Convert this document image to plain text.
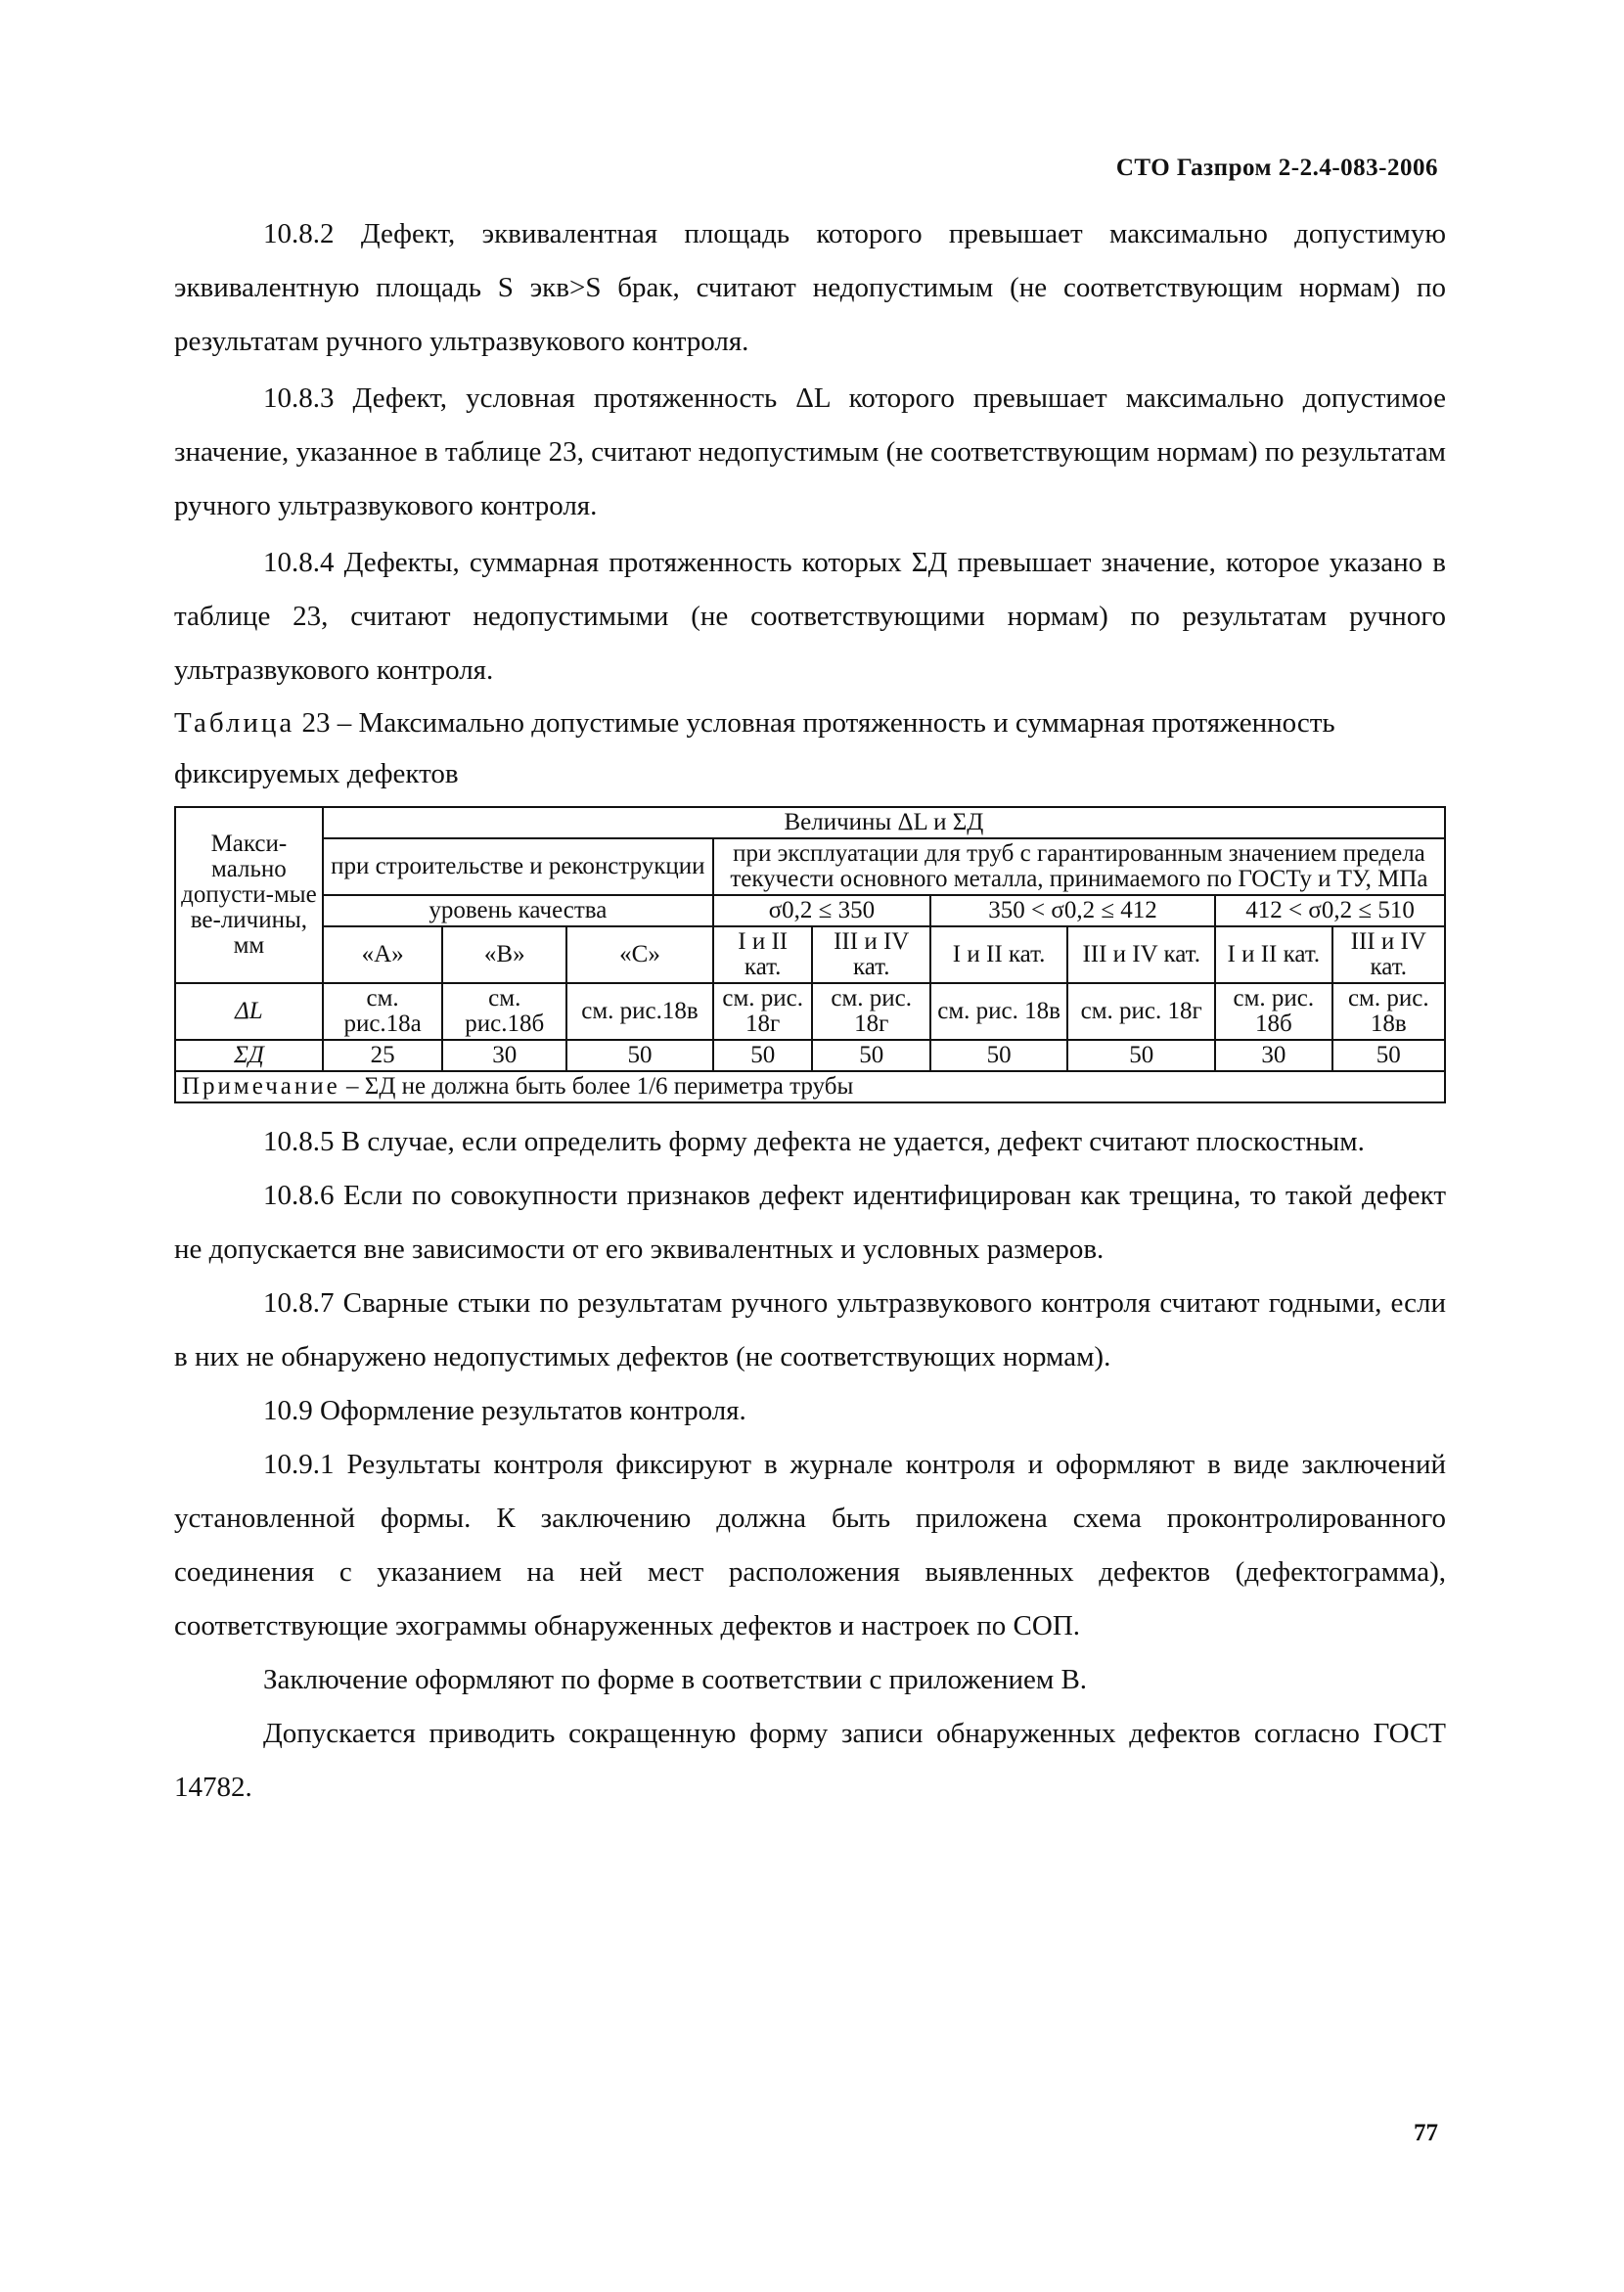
СТО Газпром 2-2.4-083-2006

10.8.2 Дефект, эквивалентная площадь которого превышает максимально допустимую эквивалентную площадь S экв>S брак, считают недопустимым (не соответствующим нормам) по результатам ручного ультразвукового контроля.

10.8.3 Дефект, условная протяженность ΔL которого превышает максимально допустимое значение, указанное в таблице 23, считают недопустимым (не соответствующим нормам) по результатам ручного ультразвукового контроля.

10.8.4 Дефекты, суммарная протяженность которых ΣД превышает значение, которое указано в таблице 23, считают недопустимыми (не соответствующими нормам) по результатам ручного ультразвукового контроля.

Таблица 23 – Максимально допустимые условная протяженность и суммарная протяженность фиксируемых дефектов

Макси-мально допусти-мые ве-личины, мм	Величины ΔL и ΣД								
	при строительстве и реконструкции			при эксплуатации для труб с гарантированным значением предела текучести основного металла, принимаемого по ГОСТу и ТУ, МПа					
	уровень качества			σ0,2 ≤ 350		350 < σ0,2 ≤ 412		412 < σ0,2 ≤ 510	
	«А»	«В»	«С»	I и II кат.	III и IV кат.	I и II кат.	III и IV кат.	I и II кат.	III и IV кат.
ΔL	см. рис.18а	см. рис.18б	см. рис.18в	см. рис. 18г	см. рис. 18г	см. рис. 18в	см. рис. 18г	см. рис. 18б	см. рис. 18в
ΣД	25	30	50	50	50	50	50	30	50
Примечание – ΣД не должна быть более 1/6 периметра трубы									

10.8.5 В случае, если определить форму дефекта не удается, дефект считают плоскостным.

10.8.6 Если по совокупности признаков дефект идентифицирован как трещина, то такой дефект не допускается вне зависимости от его эквивалентных и условных размеров.

10.8.7 Сварные стыки по результатам ручного ультразвукового контроля считают годными, если в них не обнаружено недопустимых дефектов (не соответствующих нормам).

10.9 Оформление результатов контроля.

10.9.1 Результаты контроля фиксируют в журнале контроля и оформляют в виде заключений установленной формы. К заключению должна быть приложена схема проконтролированного соединения с указанием на ней мест расположения выявленных дефектов (дефектограмма), соответствующие эхограммы обнаруженных дефектов и настроек по СОП.

Заключение оформляют по форме в соответствии с приложением В.

Допускается приводить сокращенную форму записи обнаруженных дефектов согласно ГОСТ 14782.

77
